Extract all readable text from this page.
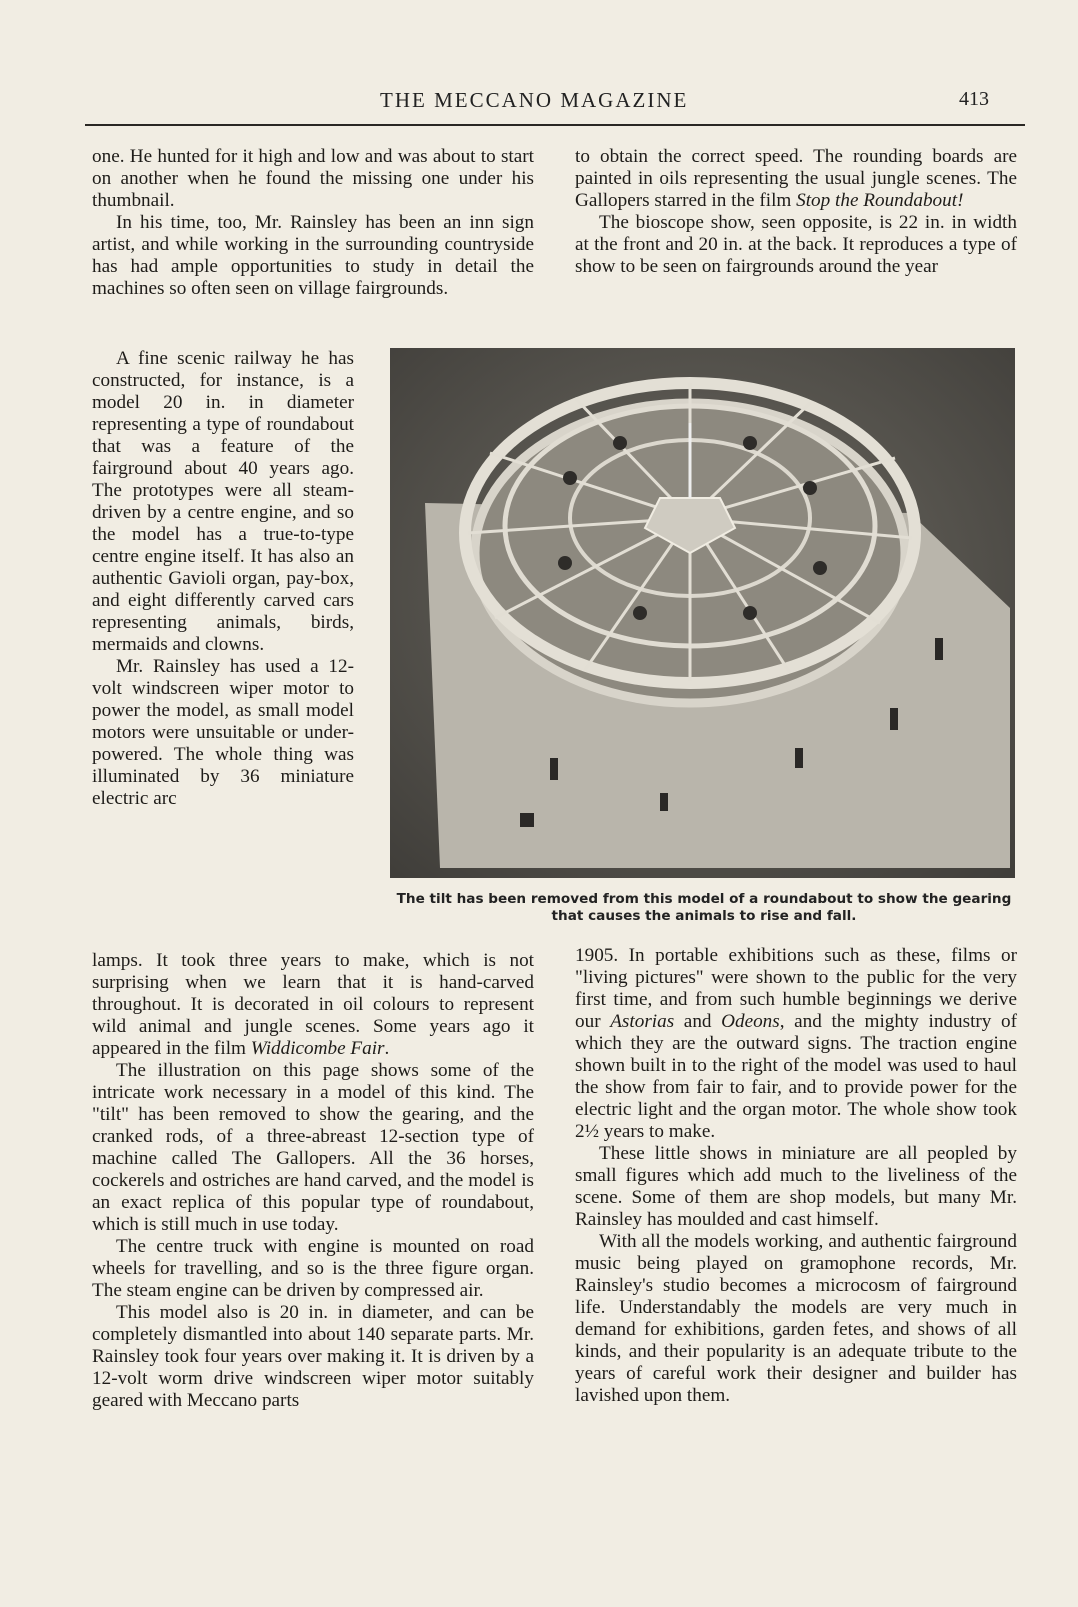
THE MECCANO MAGAZINE	413

one. He hunted for it high and low and was about to start on another when he found the missing one under his thumbnail.

In his time, too, Mr. Rainsley has been an inn sign artist, and while working in the surrounding countryside has had ample opportunities to study in detail the machines so often seen on village fairgrounds.

A fine scenic railway he has constructed, for instance, is a model 20 in. in diameter representing a type of roundabout that was a feature of the fairground about 40 years ago. The prototypes were all steam-driven by a centre engine, and so the model has a true-to-type centre engine itself. It has also an authentic Gavioli organ, pay-box, and eight differently carved cars representing animals, birds, mermaids and clowns.

Mr. Rainsley has used a 12-volt windscreen wiper motor to power the model, as small model motors were unsuitable or under-powered. The whole thing was illuminated by 36 miniature electric arc

lamps. It took three years to make, which is not surprising when we learn that it is hand-carved throughout. It is decorated in oil colours to represent wild animal and jungle scenes. Some years ago it appeared in the film Widdicombe Fair.

The illustration on this page shows some of the intricate work necessary in a model of this kind. The "tilt" has been removed to show the gearing, and the cranked rods, of a three-abreast 12-section type of machine called The Gallopers. All the 36 horses, cockerels and ostriches are hand carved, and the model is an exact replica of this popular type of roundabout, which is still much in use today.

The centre truck with engine is mounted on road wheels for travelling, and so is the three figure organ. The steam engine can be driven by compressed air.

This model also is 20 in. in diameter, and can be completely dismantled into about 140 separate parts. Mr. Rainsley took four years over making it. It is driven by a 12-volt worm drive windscreen wiper motor suitably geared with Meccano parts

to obtain the correct speed. The rounding boards are painted in oils representing the usual jungle scenes. The Gallopers starred in the film Stop the Roundabout!

The bioscope show, seen opposite, is 22 in. in width at the front and 20 in. at the back. It reproduces a type of show to be seen on fairgrounds around the year

The tilt has been removed from this model of a roundabout to show the gearing that causes the animals to rise and fall.

1905. In portable exhibitions such as these, films or "living pictures" were shown to the public for the very first time, and from such humble beginnings we derive our Astorias and Odeons, and the mighty industry of which they are the outward signs. The traction engine shown built in to the right of the model was used to haul the show from fair to fair, and to provide power for the electric light and the organ motor. The whole show took 2½ years to make.

These little shows in miniature are all peopled by small figures which add much to the liveliness of the scene. Some of them are shop models, but many Mr. Rainsley has moulded and cast himself.

With all the models working, and authentic fairground music being played on gramophone records, Mr. Rainsley's studio becomes a microcosm of fairground life. Understandably the models are very much in demand for exhibitions, garden fetes, and shows of all kinds, and their popularity is an adequate tribute to the years of careful work their designer and builder has lavished upon them.
